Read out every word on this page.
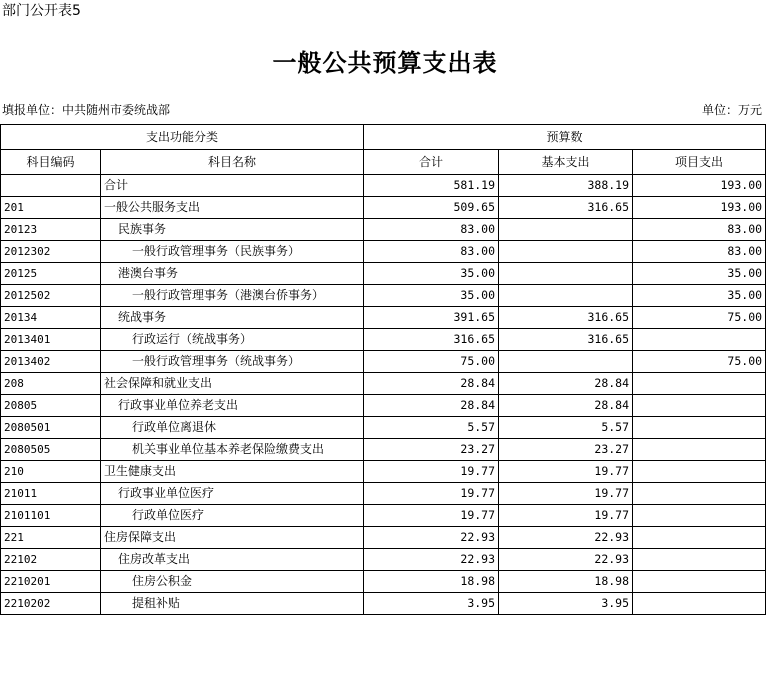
部门公开表5
一般公共预算支出表
填报单位：中共随州市委统战部	单位：万元
支出功能分类		预算数		
科目编码	科目名称	合计	基本支出	项目支出
	合计	581.19	388.19	193.00
201	一般公共服务支出	509.65	316.65	193.00
20123	民族事务	83.00		83.00
2012302	一般行政管理事务（民族事务）	83.00		83.00
20125	港澳台事务	35.00		35.00
2012502	一般行政管理事务（港澳台侨事务）	35.00		35.00
20134	统战事务	391.65	316.65	75.00
2013401	行政运行（统战事务）	316.65	316.65	
2013402	一般行政管理事务（统战事务）	75.00		75.00
208	社会保障和就业支出	28.84	28.84	
20805	行政事业单位养老支出	28.84	28.84	
2080501	行政单位离退休	5.57	5.57	
2080505	机关事业单位基本养老保险缴费支出	23.27	23.27	
210	卫生健康支出	19.77	19.77	
21011	行政事业单位医疗	19.77	19.77	
2101101	行政单位医疗	19.77	19.77	
221	住房保障支出	22.93	22.93	
22102	住房改革支出	22.93	22.93	
2210201	住房公积金	18.98	18.98	
2210202	提租补贴	3.95	3.95	
